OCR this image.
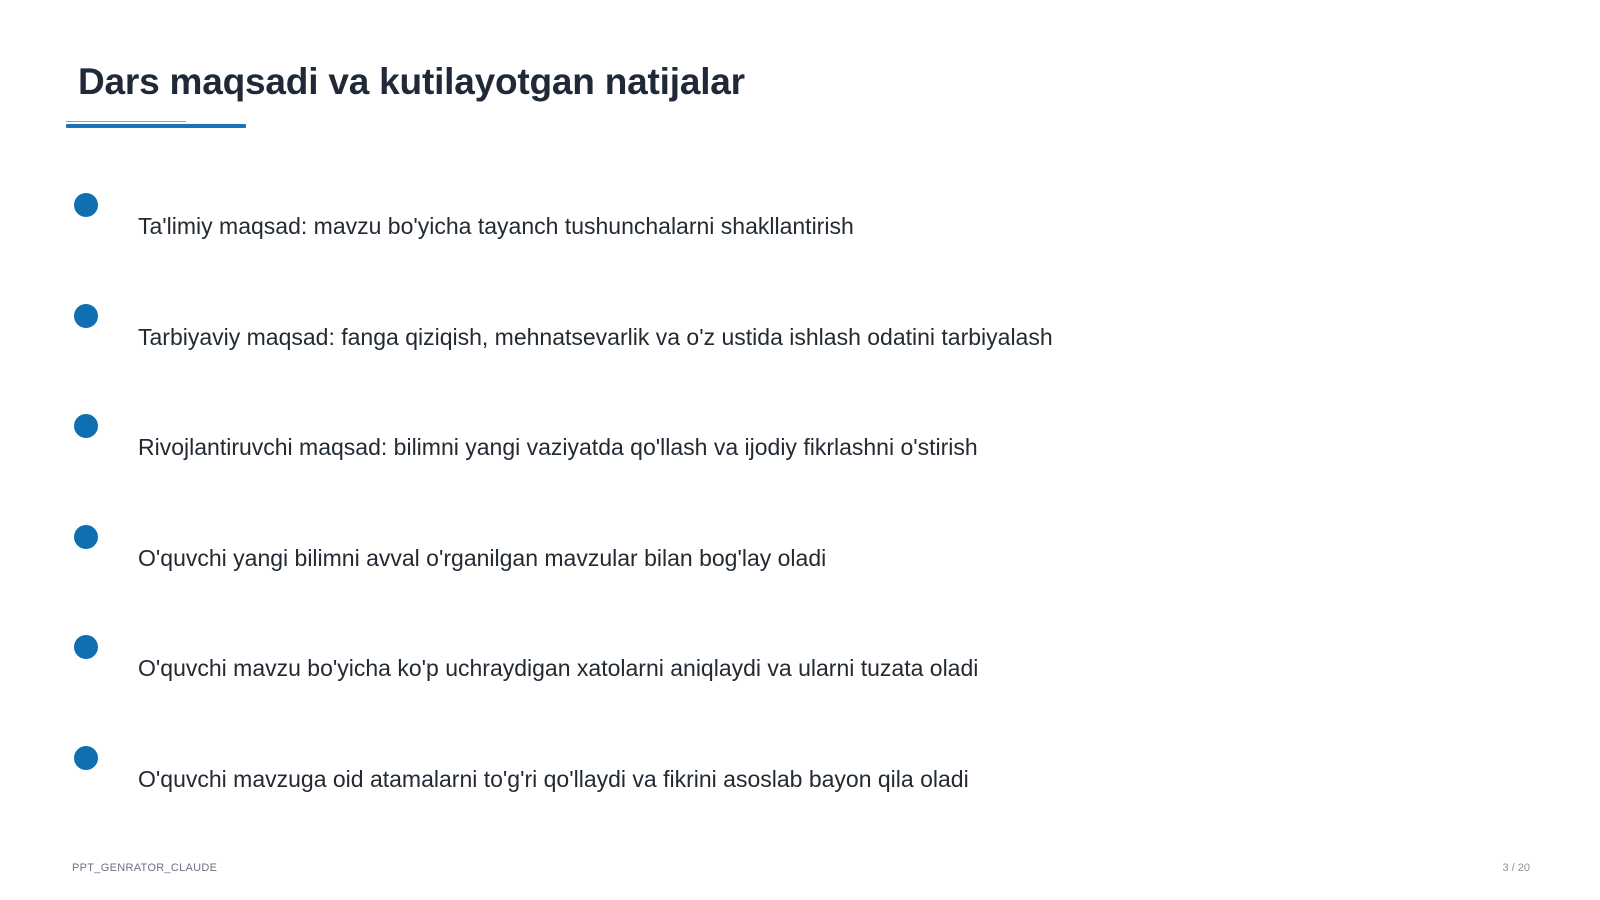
Dars maqsadi va kutilayotgan natijalar
Ta'limiy maqsad: mavzu bo'yicha tayanch tushunchalarni shakllantirish
Tarbiyaviy maqsad: fanga qiziqish, mehnatsevarlik va o'z ustida ishlash odatini tarbiyalash
Rivojlantiruvchi maqsad: bilimni yangi vaziyatda qo'llash va ijodiy fikrlashni o'stirish
O'quvchi yangi bilimni avval o'rganilgan mavzular bilan bog'lay oladi
O'quvchi mavzu bo'yicha ko'p uchraydigan xatolarni aniqlaydi va ularni tuzata oladi
O'quvchi mavzuga oid atamalarni to'g'ri qo'llaydi va fikrini asoslab bayon qila oladi
PPT_GENRATOR_CLAUDE	3 / 20
